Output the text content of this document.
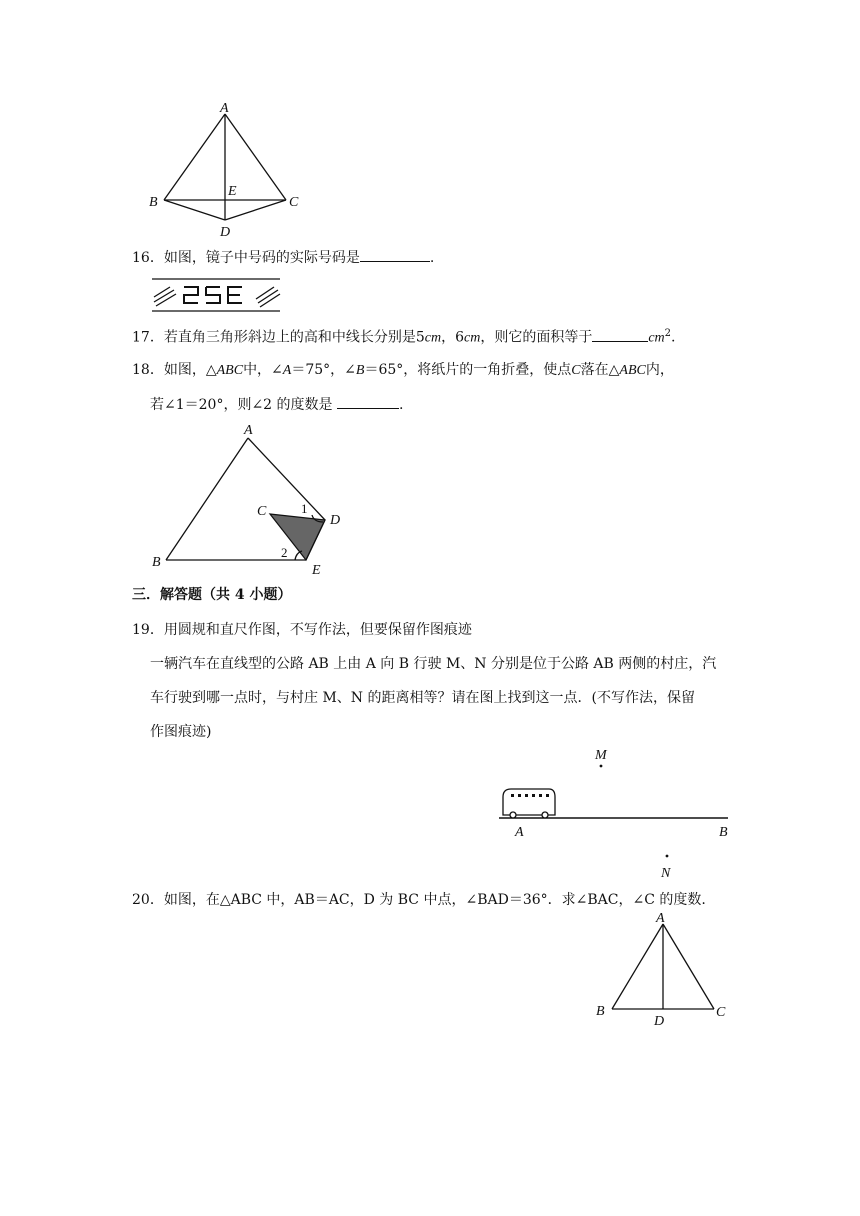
A
B	C
E
D
16．如图，镜子中号码的实际号码是	.
17．若直角三角形斜边上的高和中线长分别是5cm，6cm，则它的面积等于	$cm^2$.
18．如图，△ABC中，∠A＝75°，∠B＝65°，将纸片的一角折叠，使点C落在△ABC内，
若∠1＝20°，则∠2 的度数是	.
A
B
C
D
E
1
2
三．解答题（共 4 小题）
19．用圆规和直尺作图，不写作法，但要保留作图痕迹
一辆汽车在直线型的公路 AB 上由 A 向 B 行驶 M、N 分别是位于公路 AB 两侧的村庄，汽
车行驶到哪一点时，与村庄 M、N 的距离相等？请在图上找到这一点．(不写作法，保留
作图痕迹)
M
N
A	B
20．如图，在△ABC 中，AB＝AC，D 为 BC 中点，∠BAD＝36°．求∠BAC，∠C 的度数.
A
B	C
D
